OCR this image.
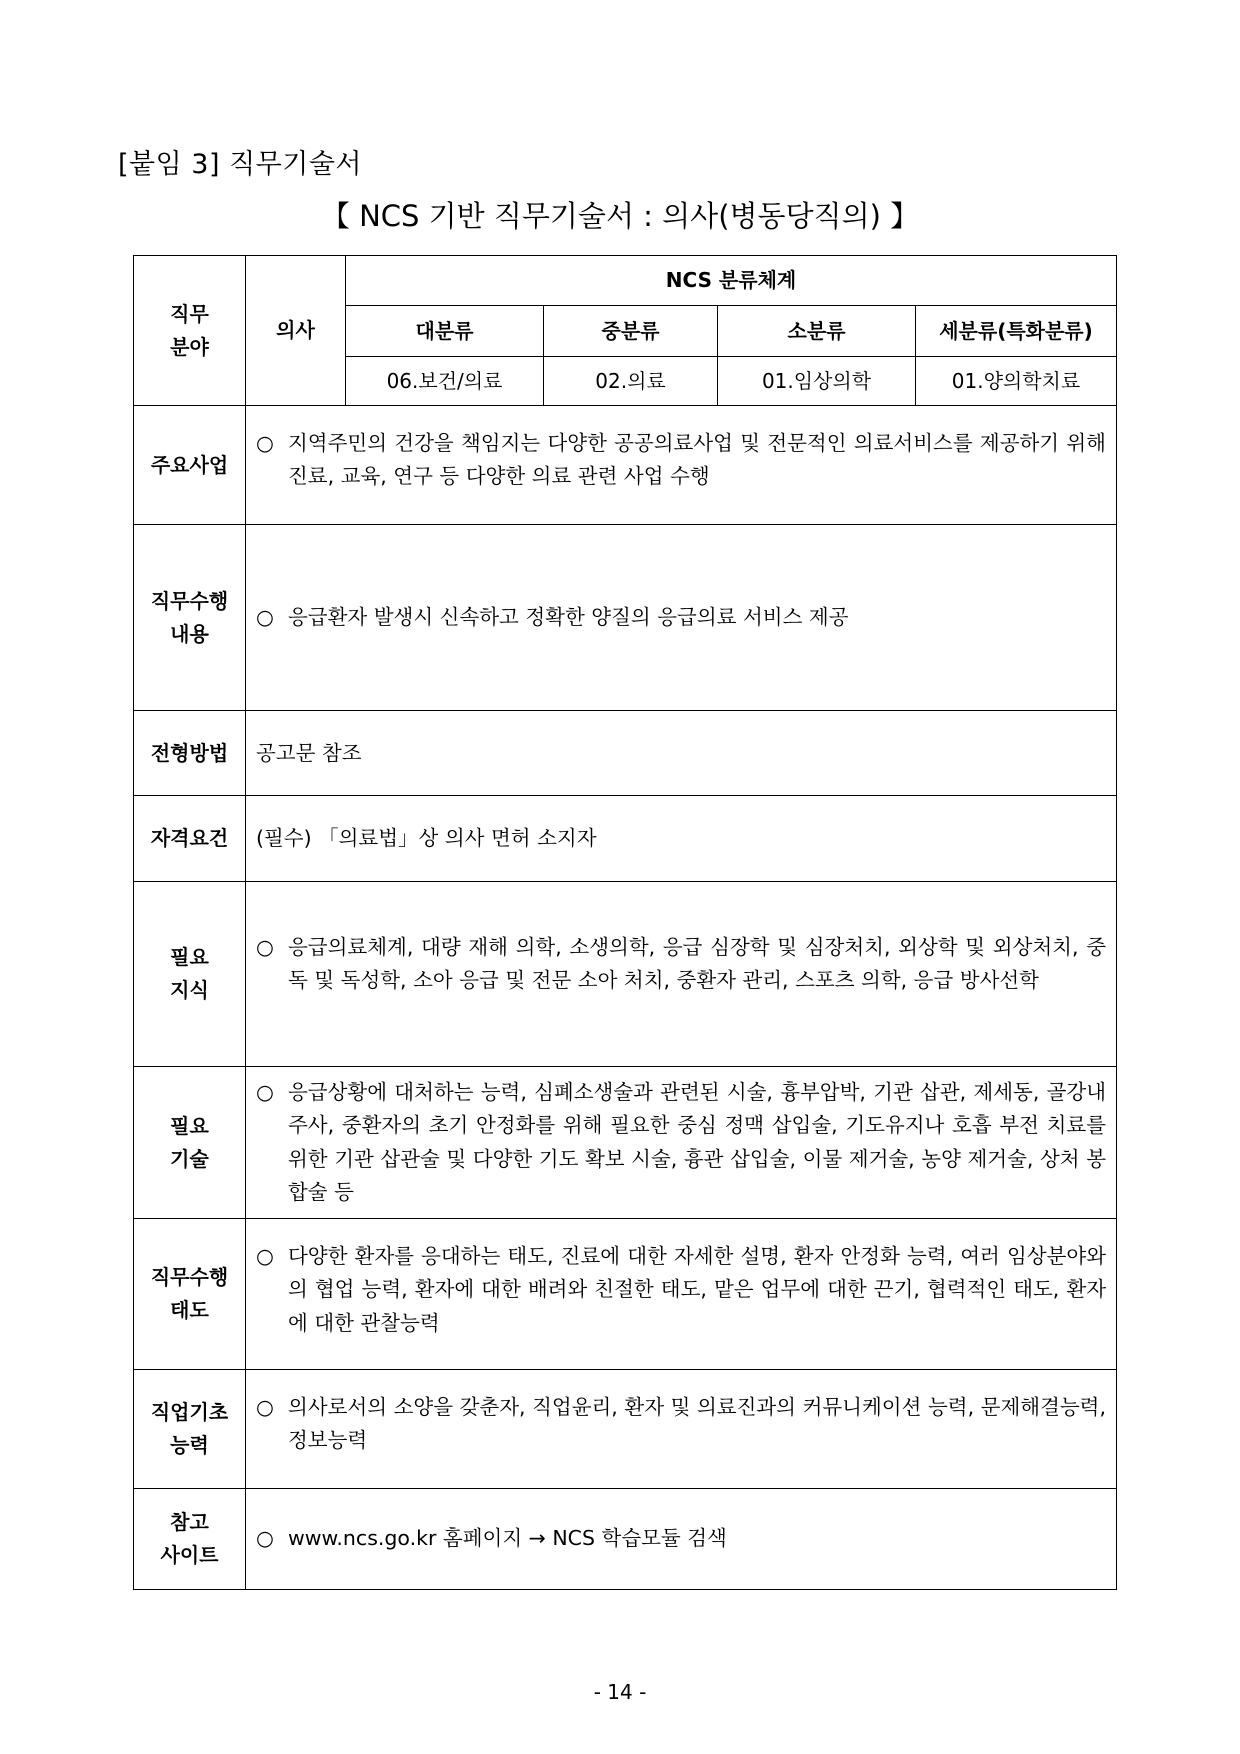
[붙임 3] 직무기술서
【 NCS 기반 직무기술서 : 의사(병동당직의) 】
직무
분야	의사	NCS 분류체계			
		대분류	중분류	소분류	세분류(특화분류)
		06.보건/의료	02.의료	01.임상의학	01.양의학치료
주요사업	○ 지역주민의 건강을 책임지는 다양한 공공의료사업 및 전문적인 의료서비스를 제공하기 위해 진료, 교육, 연구 등 다양한 의료 관련 사업 수행				

직무수행
내용	○ 응급환자 발생시 신속하고 정확한 양질의 응급의료 서비스 제공				

전형방법	공고문 참조				

자격요건	(필수) 「의료법」상 의사 면허 소지자				

필요
지식	○ 응급의료체계, 대량 재해 의학, 소생의학, 응급 심장학 및 심장처치, 외상학 및 외상처치, 중독 및 독성학, 소아 응급 및 전문 소아 처치, 중환자 관리, 스포츠 의학, 응급 방사선학				

필요
기술	○ 응급상황에 대처하는 능력, 심폐소생술과 관련된 시술, 흉부압박, 기관 삽관, 제세동, 골강내 주사, 중환자의 초기 안정화를 위해 필요한 중심 정맥 삽입술, 기도유지나 호흡 부전 치료를 위한 기관 삽관술 및 다양한 기도 확보 시술, 흉관 삽입술, 이물 제거술, 농양 제거술, 상처 봉합술 등				

직무수행
태도	○ 다양한 환자를 응대하는 태도, 진료에 대한 자세한 설명, 환자 안정화 능력, 여러 임상분야와의 협업 능력, 환자에 대한 배려와 친절한 태도, 맡은 업무에 대한 끈기, 협력적인 태도, 환자에 대한 관찰능력				

직업기초
능력	○ 의사로서의 소양을 갖춘자, 직업윤리, 환자 및 의료진과의 커뮤니케이션 능력, 문제해결능력, 정보능력				

참고
사이트	○ www.ncs.go.kr 홈페이지 → NCS 학습모듈 검색				
- 14 -
